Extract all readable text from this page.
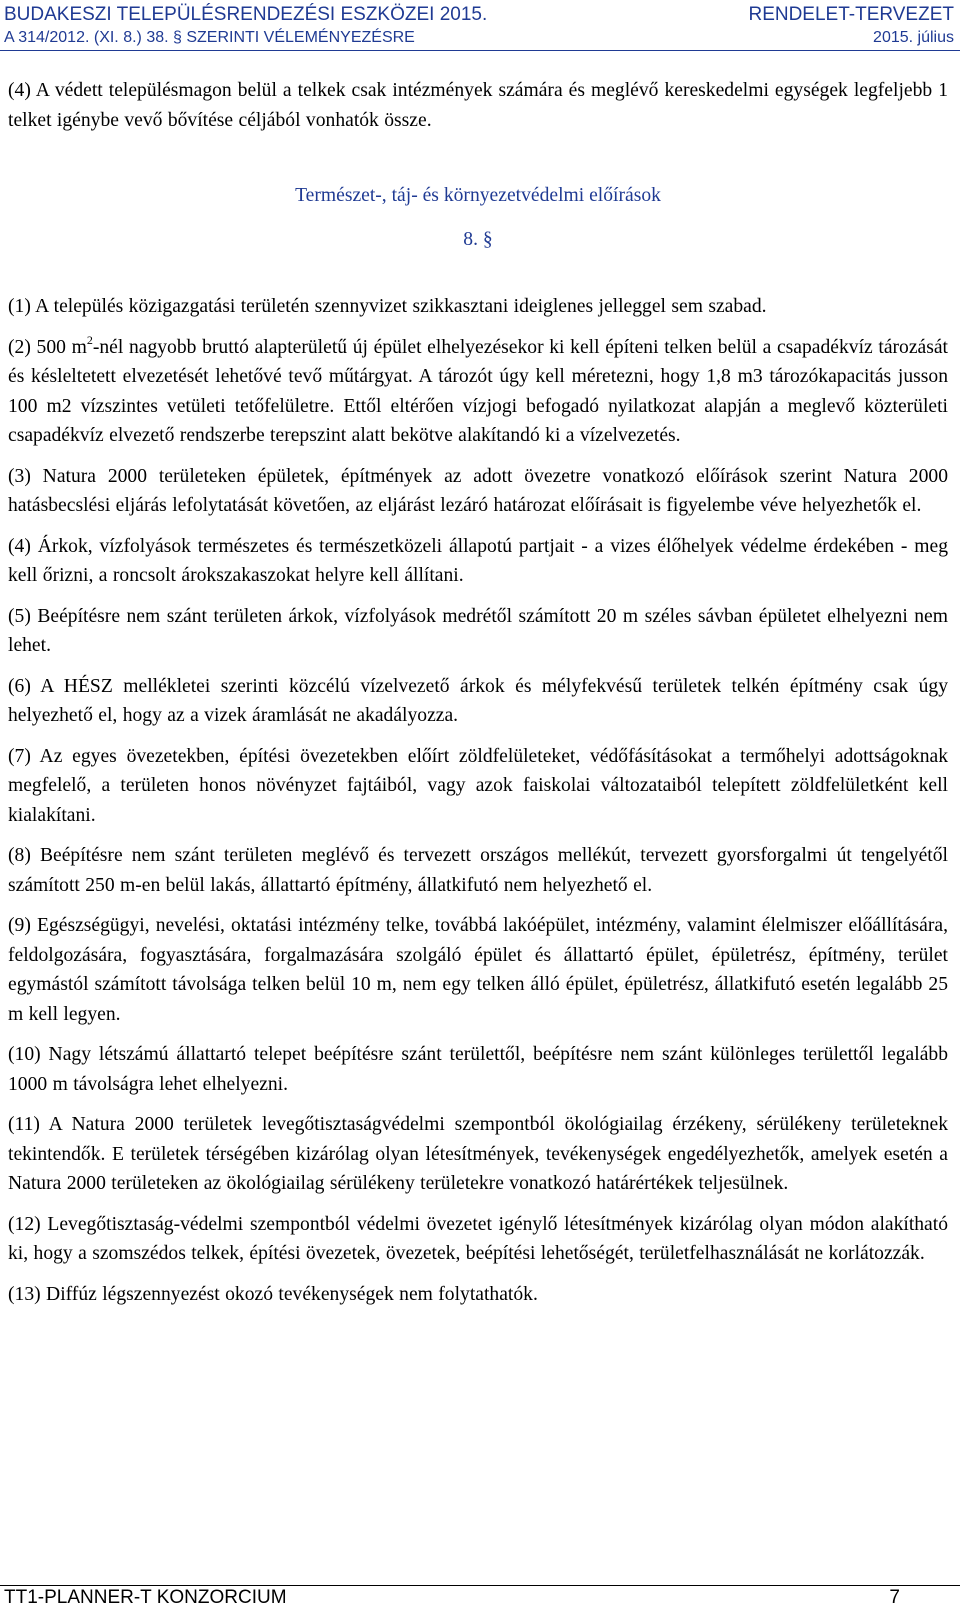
BUDAKESZI TELEPÜLÉSRENDEZÉSI ESZKÖZEI 2015.	RENDELET-TERVEZET
A 314/2012. (XI. 8.) 38. § SZERINTI VÉLEMÉNYEZÉSRE	2015. július

(4) A védett településmagon belül a telkek csak intézmények számára és meglévő kereskedelmi egységek legfeljebb 1 telket igénybe vevő bővítése céljából vonhatók össze.

Természet-, táj- és környezetvédelmi előírások

8. §

(1) A település közigazgatási területén szennyvizet szikkasztani ideiglenes jelleggel sem szabad.

(2) 500 $m^2$-nél nagyobb bruttó alapterületű új épület elhelyezésekor ki kell építeni telken belül a csapadékvíz tározását és késleltetett elvezetését lehetővé tevő műtárgyat. A tározót úgy kell méretezni, hogy 1,8 m3 tározókapacitás jusson 100 m2 vízszintes vetületi tetőfelületre. Ettől eltérően vízjogi befogadó nyilatkozat alapján a meglevő közterületi csapadékvíz elvezető rendszerbe terepszint alatt bekötve alakítandó ki a vízelvezetés.

(3) Natura 2000 területeken épületek, építmények az adott övezetre vonatkozó előírások szerint Natura 2000 hatásbecslési eljárás lefolytatását követően, az eljárást lezáró határozat előírásait is figyelembe véve helyezhetők el.

(4) Árkok, vízfolyások természetes és természetközeli állapotú partjait - a vizes élőhelyek védelme érdekében - meg kell őrizni, a roncsolt árokszakaszokat helyre kell állítani.

(5) Beépítésre nem szánt területen árkok, vízfolyások medrétől számított 20 m széles sávban épületet elhelyezni nem lehet.

(6) A HÉSZ mellékletei szerinti közcélú vízelvezető árkok és mélyfekvésű területek telkén építmény csak úgy helyezhető el, hogy az a vizek áramlását ne akadályozza.

(7) Az egyes övezetekben, építési övezetekben előírt zöldfelületeket, védőfásításokat a termőhelyi adottságoknak megfelelő, a területen honos növényzet fajtáiból, vagy azok faiskolai változataiból telepített zöldfelületként kell kialakítani.

(8) Beépítésre nem szánt területen meglévő és tervezett országos mellékút, tervezett gyorsforgalmi út tengelyétől számított 250 m-en belül lakás, állattartó építmény, állatkifutó nem helyezhető el.

(9) Egészségügyi, nevelési, oktatási intézmény telke, továbbá lakóépület, intézmény, valamint élelmiszer előállítására, feldolgozására, fogyasztására, forgalmazására szolgáló épület és állattartó épület, épületrész, építmény, terület egymástól számított távolsága telken belül 10 m, nem egy telken álló épület, épületrész, állatkifutó esetén legalább 25 m kell legyen.

(10) Nagy létszámú állattartó telepet beépítésre szánt területtől, beépítésre nem szánt különleges területtől legalább 1000 m távolságra lehet elhelyezni.

(11) A Natura 2000 területek levegőtisztaságvédelmi szempontból ökológiailag érzékeny, sérülékeny területeknek tekintendők. E területek térségében kizárólag olyan létesítmények, tevékenységek engedélyezhetők, amelyek esetén a Natura 2000 területeken az ökológiailag sérülékeny területekre vonatkozó határértékek teljesülnek.

(12) Levegőtisztaság-védelmi szempontból védelmi övezetet igénylő létesítmények kizárólag olyan módon alakítható ki, hogy a szomszédos telkek, építési övezetek, övezetek, beépítési lehetőségét, területfelhasználását ne korlátozzák.

(13) Diffúz légszennyezést okozó tevékenységek nem folytathatók.

TT1-PLANNER-T KONZORCIUM	7
